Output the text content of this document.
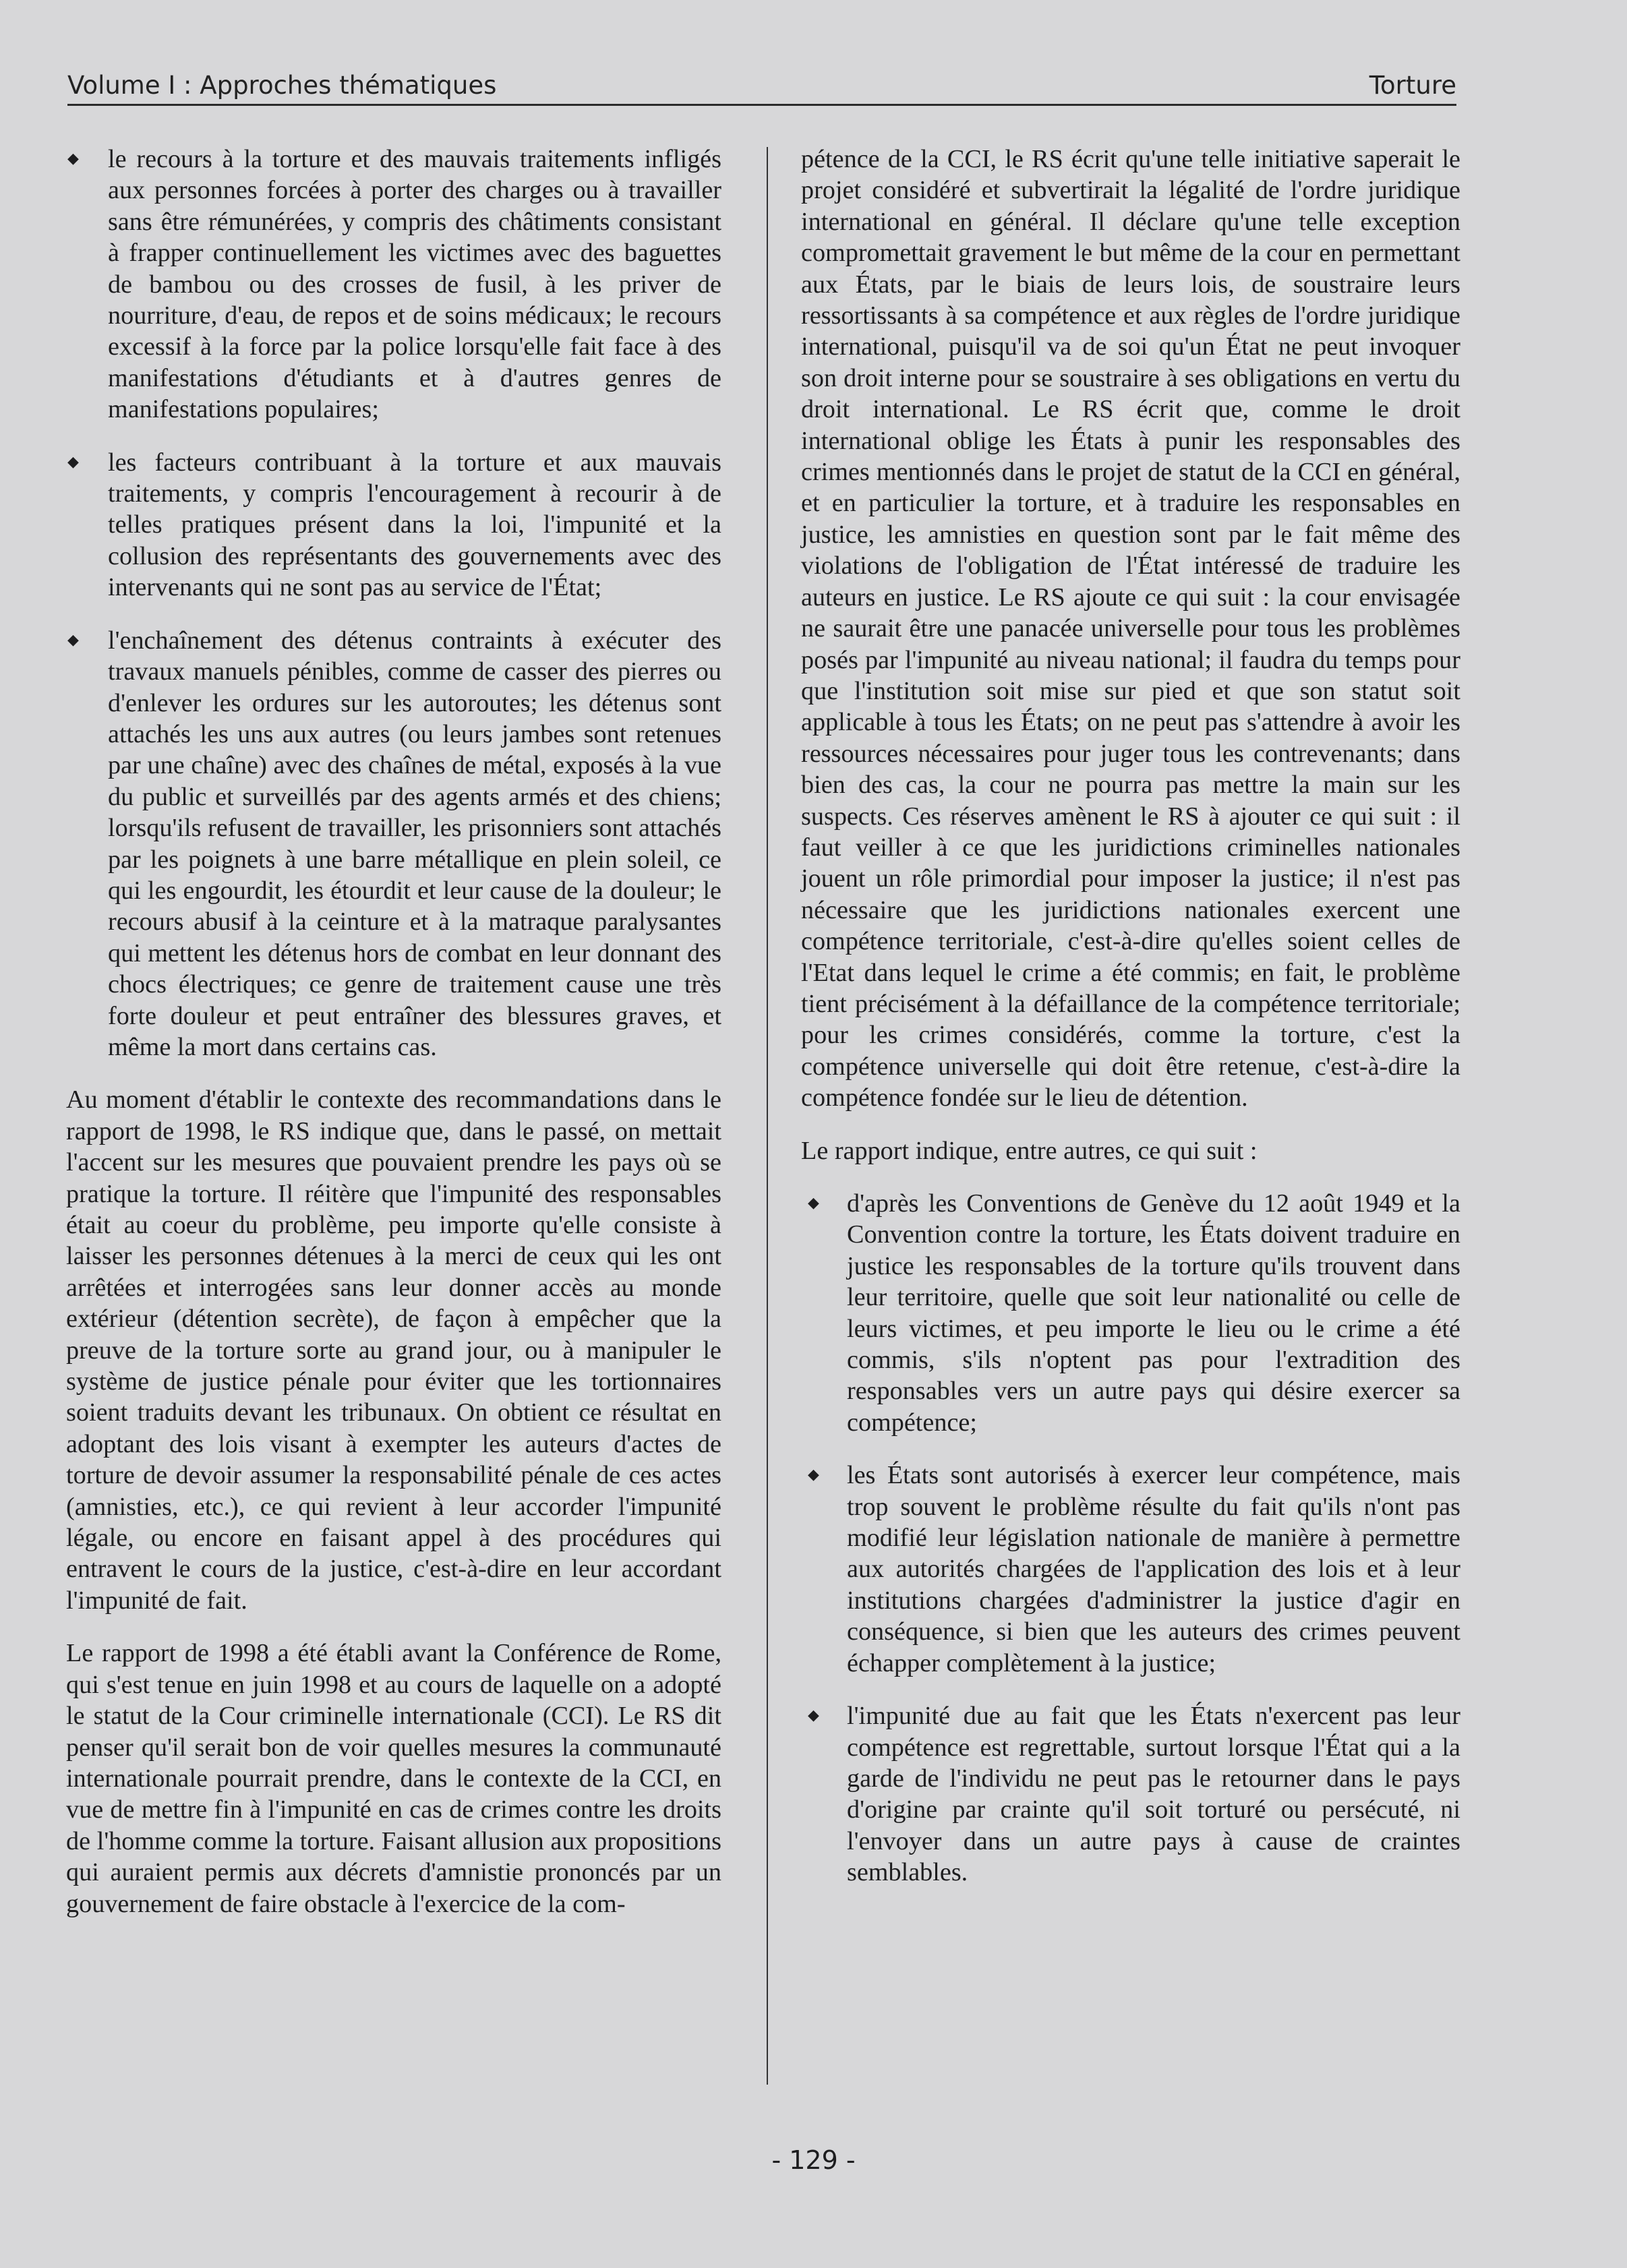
Volume I : Approches thématiques	Torture
◆ le recours à la torture et des mauvais traitements infligés aux personnes forcées à porter des charges ou à travailler sans être rémunérées, y compris des châtiments consistant à frapper continuellement les victimes avec des baguettes de bambou ou des crosses de fusil, à les priver de nourriture, d'eau, de repos et de soins médicaux; le recours excessif à la force par la police lorsqu'elle fait face à des manifestations d'étudiants et à d'autres genres de manifestations populaires;

◆ les facteurs contribuant à la torture et aux mauvais traitements, y compris l'encouragement à recourir à de telles pratiques présent dans la loi, l'impunité et la collusion des représentants des gouvernements avec des intervenants qui ne sont pas au service de l'État;

◆ l'enchaînement des détenus contraints à exécuter des travaux manuels pénibles, comme de casser des pierres ou d'enlever les ordures sur les autoroutes; les détenus sont attachés les uns aux autres (ou leurs jambes sont retenues par une chaîne) avec des chaînes de métal, exposés à la vue du public et surveillés par des agents armés et des chiens; lorsqu'ils refusent de travailler, les prisonniers sont attachés par les poignets à une barre métallique en plein soleil, ce qui les engourdit, les étourdit et leur cause de la douleur; le recours abusif à la ceinture et à la matraque paralysantes qui mettent les détenus hors de combat en leur donnant des chocs électriques; ce genre de traitement cause une très forte douleur et peut entraîner des blessures graves, et même la mort dans certains cas.

Au moment d'établir le contexte des recommandations dans le rapport de 1998, le RS indique que, dans le passé, on mettait l'accent sur les mesures que pouvaient prendre les pays où se pratique la torture. Il réitère que l'impunité des responsables était au coeur du problème, peu importe qu'elle consiste à laisser les personnes détenues à la merci de ceux qui les ont arrêtées et interrogées sans leur donner accès au monde extérieur (détention secrète), de façon à empêcher que la preuve de la torture sorte au grand jour, ou à manipuler le système de justice pénale pour éviter que les tortionnaires soient traduits devant les tribunaux. On obtient ce résultat en adoptant des lois visant à exempter les auteurs d'actes de torture de devoir assumer la responsabilité pénale de ces actes (amnisties, etc.), ce qui revient à leur accorder l'impunité légale, ou encore en faisant appel à des procédures qui entravent le cours de la justice, c'est-à-dire en leur accordant l'impunité de fait.

Le rapport de 1998 a été établi avant la Conférence de Rome, qui s'est tenue en juin 1998 et au cours de laquelle on a adopté le statut de la Cour criminelle internationale (CCI). Le RS dit penser qu'il serait bon de voir quelles mesures la communauté internationale pourrait prendre, dans le contexte de la CCI, en vue de mettre fin à l'impunité en cas de crimes contre les droits de l'homme comme la torture. Faisant allusion aux propositions qui auraient permis aux décrets d'amnistie prononcés par un gouvernement de faire obstacle à l'exercice de la com-

pétence de la CCI, le RS écrit qu'une telle initiative saperait le projet considéré et subvertirait la légalité de l'ordre juridique international en général. Il déclare qu'une telle exception compromettait gravement le but même de la cour en permettant aux États, par le biais de leurs lois, de soustraire leurs ressortissants à sa compétence et aux règles de l'ordre juridique international, puisqu'il va de soi qu'un État ne peut invoquer son droit interne pour se soustraire à ses obligations en vertu du droit international. Le RS écrit que, comme le droit international oblige les États à punir les responsables des crimes mentionnés dans le projet de statut de la CCI en général, et en particulier la torture, et à traduire les responsables en justice, les amnisties en question sont par le fait même des violations de l'obligation de l'État intéressé de traduire les auteurs en justice. Le RS ajoute ce qui suit : la cour envisagée ne saurait être une panacée universelle pour tous les problèmes posés par l'impunité au niveau national; il faudra du temps pour que l'institution soit mise sur pied et que son statut soit applicable à tous les États; on ne peut pas s'attendre à avoir les ressources nécessaires pour juger tous les contrevenants; dans bien des cas, la cour ne pourra pas mettre la main sur les suspects. Ces réserves amènent le RS à ajouter ce qui suit : il faut veiller à ce que les juridictions criminelles nationales jouent un rôle primordial pour imposer la justice; il n'est pas nécessaire que les juridictions nationales exercent une compétence territoriale, c'est-à-dire qu'elles soient celles de l'Etat dans lequel le crime a été commis; en fait, le problème tient précisément à la défaillance de la compétence territoriale; pour les crimes considérés, comme la torture, c'est la compétence universelle qui doit être retenue, c'est-à-dire la compétence fondée sur le lieu de détention.

Le rapport indique, entre autres, ce qui suit :

◆ d'après les Conventions de Genève du 12 août 1949 et la Convention contre la torture, les États doivent traduire en justice les responsables de la torture qu'ils trouvent dans leur territoire, quelle que soit leur nationalité ou celle de leurs victimes, et peu importe le lieu ou le crime a été commis, s'ils n'optent pas pour l'extradition des responsables vers un autre pays qui désire exercer sa compétence;

◆ les États sont autorisés à exercer leur compétence, mais trop souvent le problème résulte du fait qu'ils n'ont pas modifié leur législation nationale de manière à permettre aux autorités chargées de l'application des lois et à leur institutions chargées d'administrer la justice d'agir en conséquence, si bien que les auteurs des crimes peuvent échapper complètement à la justice;

◆ l'impunité due au fait que les États n'exercent pas leur compétence est regrettable, surtout lorsque l'État qui a la garde de l'individu ne peut pas le retourner dans le pays d'origine par crainte qu'il soit torturé ou persécuté, ni l'envoyer dans un autre pays à cause de craintes semblables.

- 129 -
